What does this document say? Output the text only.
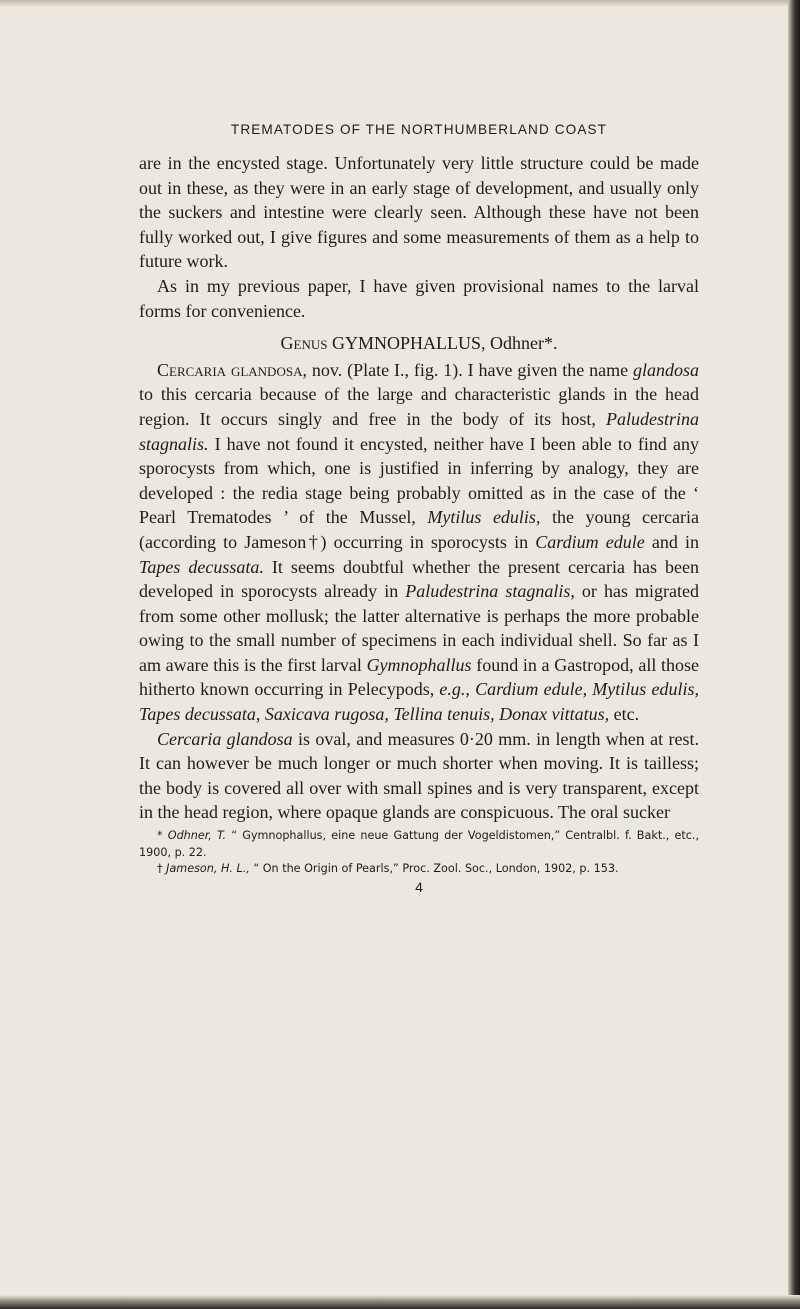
TREMATODES OF THE NORTHUMBERLAND COAST

are in the encysted stage. Unfortunately very little structure could be made out in these, as they were in an early stage of development, and usually only the suckers and intestine were clearly seen. Although these have not been fully worked out, I give figures and some measurements of them as a help to future work.

As in my previous paper, I have given provisional names to the larval forms for convenience.

Genus GYMNOPHALLUS, Odhner*.

Cercaria glandosa, nov. (Plate I., fig. 1). I have given the name glandosa to this cercaria because of the large and characteristic glands in the head region. It occurs singly and free in the body of its host, Paludestrina stagnalis. I have not found it encysted, neither have I been able to find any sporocysts from which, one is justified in inferring by analogy, they are developed : the redia stage being probably omitted as in the case of the ‘ Pearl Trematodes ’ of the Mussel, Mytilus edulis, the young cercaria (according to Jameson†) occurring in sporocysts in Cardium edule and in Tapes decussata. It seems doubtful whether the present cercaria has been developed in sporocysts already in Paludestrina stagnalis, or has migrated from some other mollusk; the latter alternative is perhaps the more probable owing to the small number of specimens in each individual shell. So far as I am aware this is the first larval Gymnophallus found in a Gastropod, all those hitherto known occurring in Pelecypods, e.g., Cardium edule, Mytilus edulis, Tapes decussata, Saxicava rugosa, Tellina tenuis, Donax vittatus, etc.

Cercaria glandosa is oval, and measures 0·20 mm. in length when at rest. It can however be much longer or much shorter when moving. It is tailless; the body is covered all over with small spines and is very transparent, except in the head region, where opaque glands are conspicuous. The oral sucker

* Odhner, T. “ Gymnophallus, eine neue Gattung der Vogeldistomen,” Centralbl. f. Bakt., etc., 1900, p. 22.

† Jameson, H. L., “ On the Origin of Pearls,” Proc. Zool. Soc., London, 1902, p. 153.

4
